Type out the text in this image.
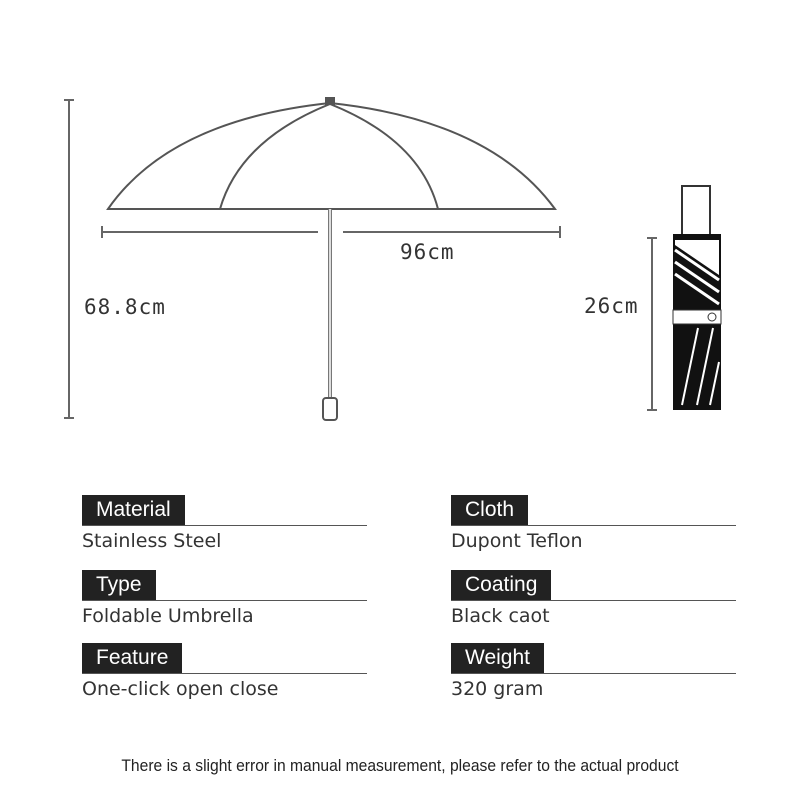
96cm
68.8cm	26cm
Material
Stainless Steel
Cloth
Dupont Teflon
Type
Foldable Umbrella
Coating
Black caot
Feature
One-click open close
Weight
320 gram
There is a slight error in manual measurement, please refer to the actual product
